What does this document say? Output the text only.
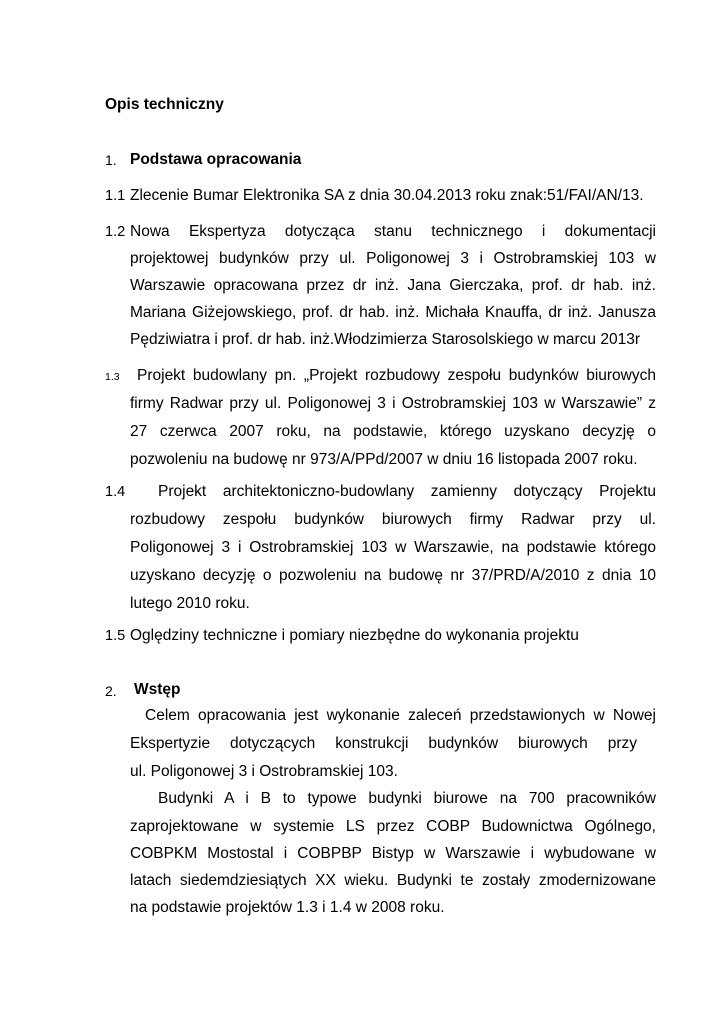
Opis techniczny
1. Podstawa opracowania
1.1 Zlecenie Bumar Elektronika SA z dnia 30.04.2013 roku znak:51/FAI/AN/13.
1.2 Nowa Ekspertyza dotycząca stanu technicznego i dokumentacji
projektowej budynków przy ul. Poligonowej 3 i Ostrobramskiej 103 w
Warszawie opracowana przez dr inż. Jana Gierczaka, prof. dr hab. inż.
Mariana Giżejowskiego, prof. dr hab. inż. Michała Knauffa, dr inż. Janusza
Pędziwiatra i prof. dr hab. inż.Włodzimierza Starosolskiego w marcu 2013r
1.3 Projekt budowlany pn. „Projekt rozbudowy zespołu budynków biurowych
firmy Radwar przy ul. Poligonowej 3 i Ostrobramskiej 103 w Warszawie” z
27 czerwca 2007 roku, na podstawie, którego uzyskano decyzję o
pozwoleniu na budowę nr 973/A/PPd/2007 w dniu 16 listopada 2007 roku.
1.4 Projekt architektoniczno-budowlany zamienny dotyczący Projektu
rozbudowy zespołu budynków biurowych firmy Radwar przy ul.
Poligonowej 3 i Ostrobramskiej 103 w Warszawie, na podstawie którego
uzyskano decyzję o pozwoleniu na budowę nr 37/PRD/A/2010 z dnia 10
lutego 2010 roku.
1.5 Oględziny techniczne i pomiary niezbędne do wykonania projektu
2. Wstęp
Celem opracowania jest wykonanie zaleceń przedstawionych w Nowej
Ekspertyzie dotyczących konstrukcji budynków biurowych przy
ul. Poligonowej 3 i Ostrobramskiej 103.
Budynki A i B to typowe budynki biurowe na 700 pracowników
zaprojektowane w systemie LS przez COBP Budownictwa Ogólnego,
COBPKM Mostostal i COBPBP Bistyp w Warszawie i wybudowane w
latach siedemdziesiątych XX wieku. Budynki te zostały zmodernizowane
na podstawie projektów 1.3 i 1.4 w 2008 roku.
